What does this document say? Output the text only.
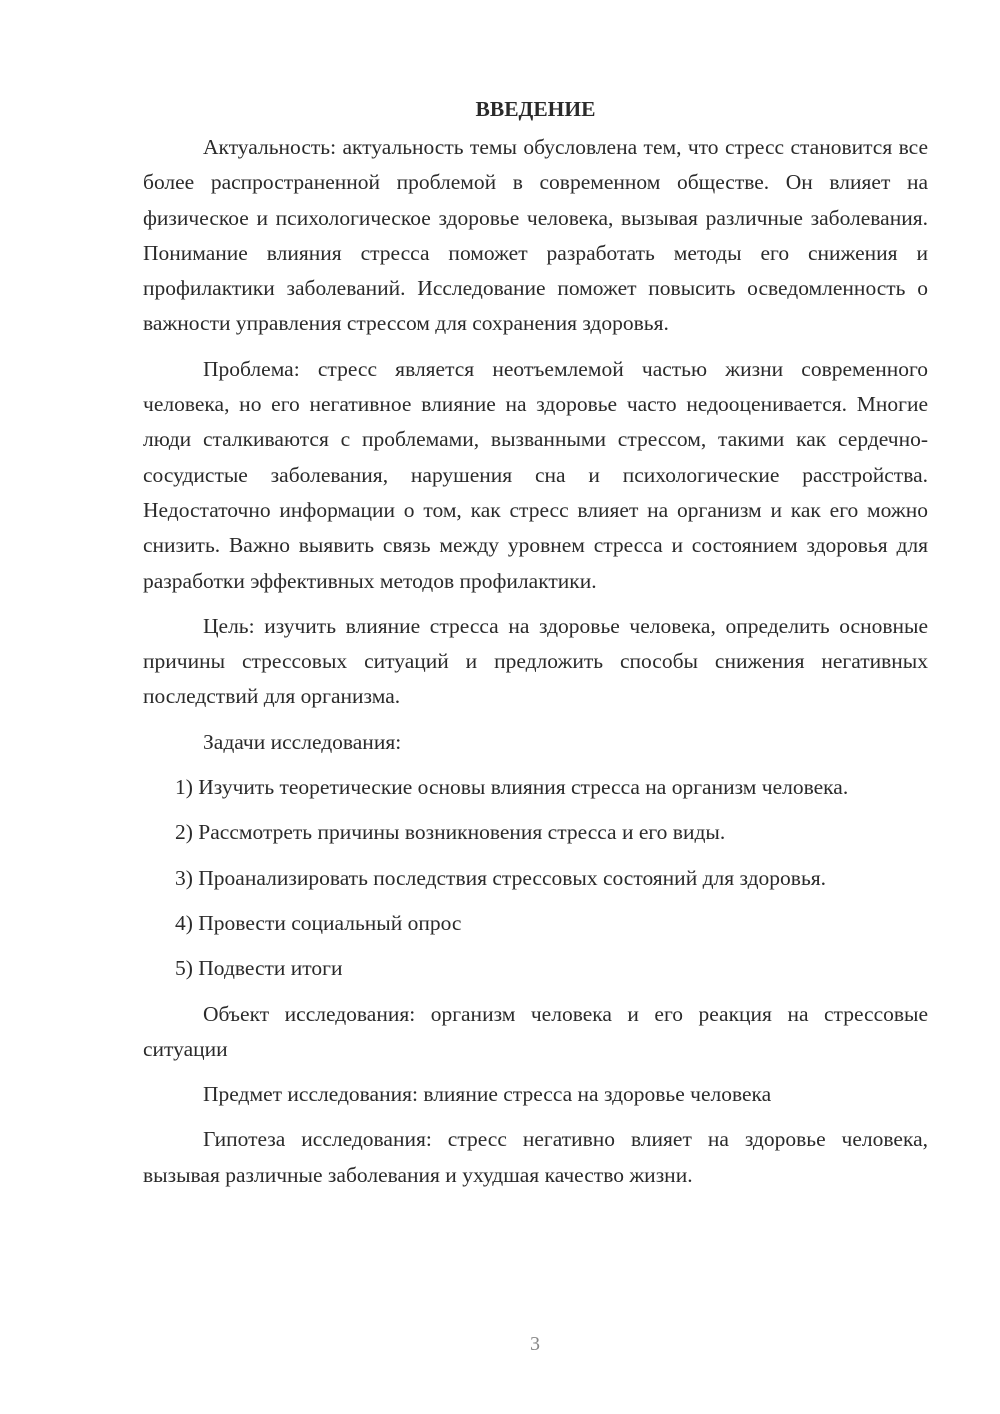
ВВЕДЕНИЕ

Актуальность: актуальность темы обусловлена тем, что стресс становится все более распространенной проблемой в современном обществе. Он влияет на физическое и психологическое здоровье человека, вызывая различные заболевания. Понимание влияния стресса поможет разработать методы его снижения и профилактики заболеваний. Исследование поможет повысить осведомленность о важности управления стрессом для сохранения здоровья.

Проблема: стресс является неотъемлемой частью жизни современного человека, но его негативное влияние на здоровье часто недооценивается. Многие люди сталкиваются с проблемами, вызванными стрессом, такими как сердечно-сосудистые заболевания, нарушения сна и психологические расстройства. Недостаточно информации о том, как стресс влияет на организм и как его можно снизить. Важно выявить связь между уровнем стресса и состоянием здоровья для разработки эффективных методов профилактики.

Цель: изучить влияние стресса на здоровье человека, определить основные причины стрессовых ситуаций и предложить способы снижения негативных последствий для организма.

Задачи исследования:

1) Изучить теоретические основы влияния стресса на организм человека.

2) Рассмотреть причины возникновения стресса и его виды.

3) Проанализировать последствия стрессовых состояний для здоровья.

4) Провести социальный опрос

5) Подвести итоги

Объект исследования: организм человека и его реакция на стрессовые ситуации

Предмет исследования: влияние стресса на здоровье человека

Гипотеза исследования: стресс негативно влияет на здоровье человека, вызывая различные заболевания и ухудшая качество жизни.

3
